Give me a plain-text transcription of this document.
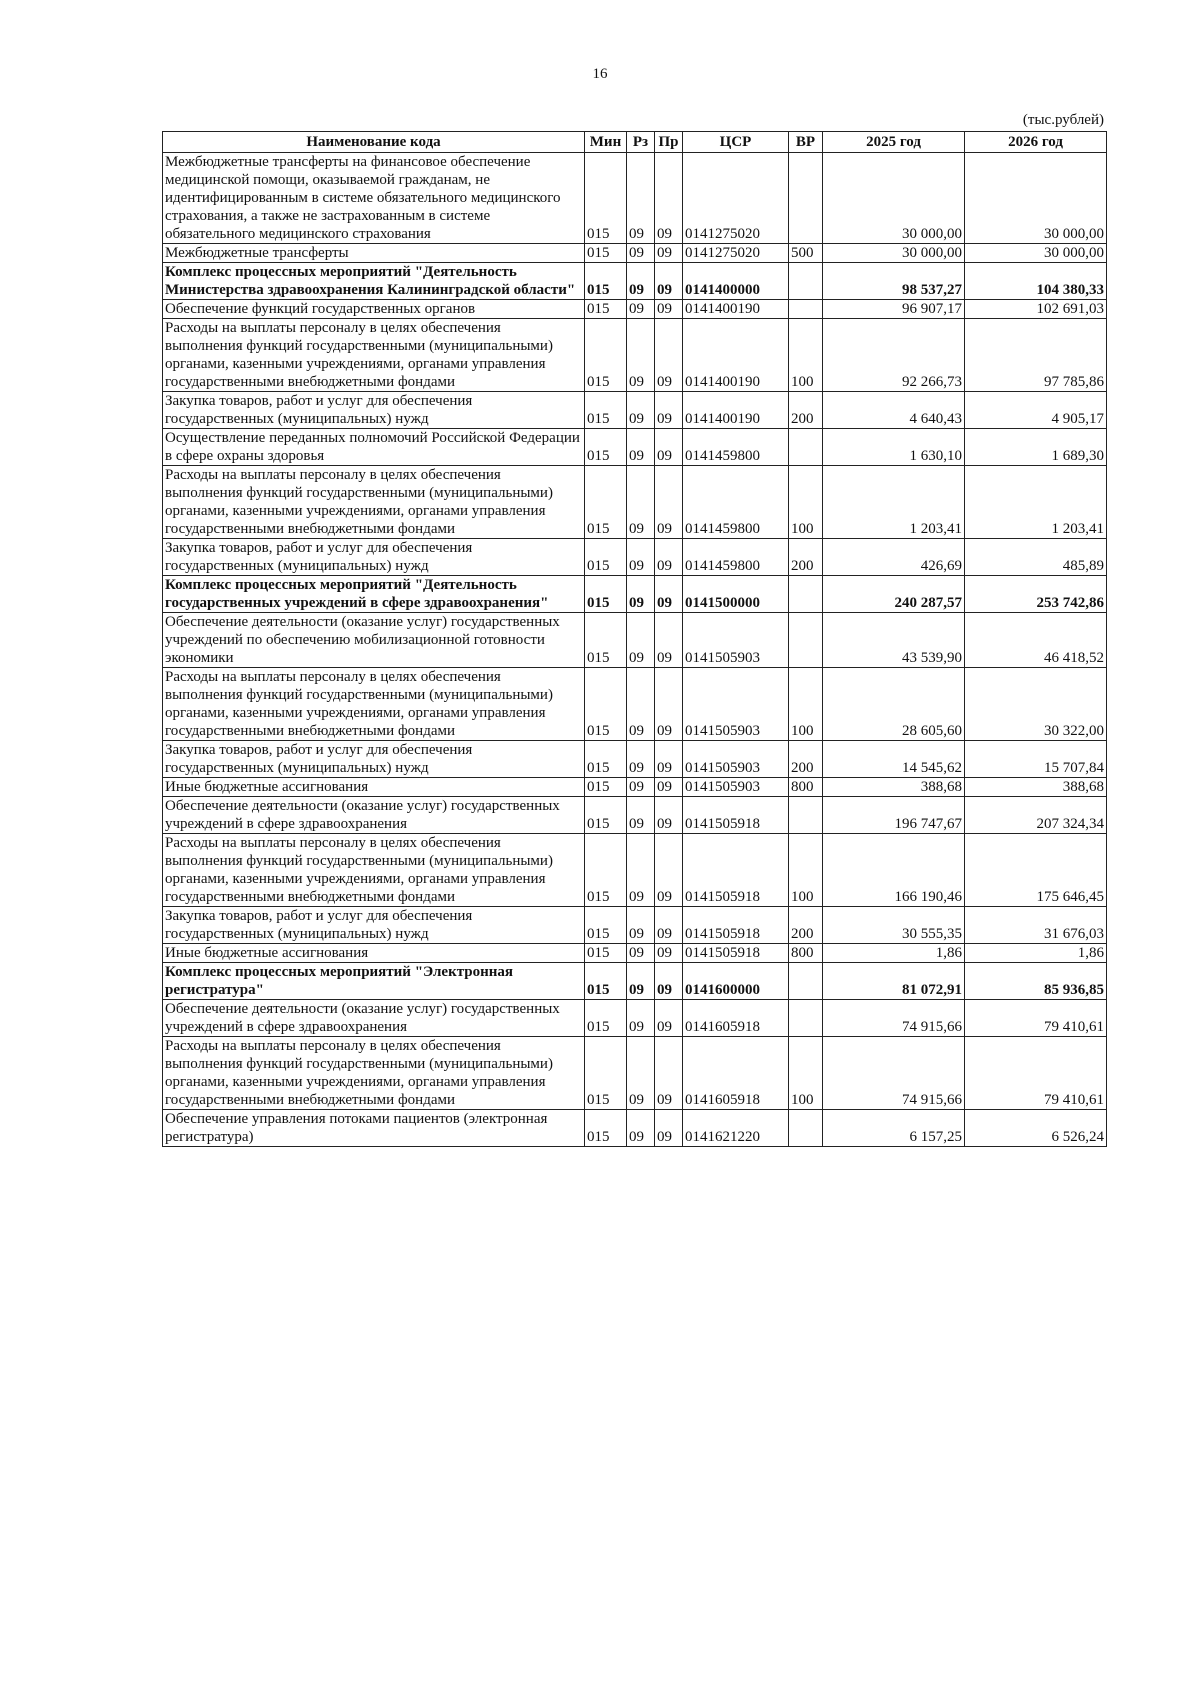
16
(тыс.рублей)
Наименование кода	Мин	Рз	Пр	ЦСР	ВР	2025 год	2026 год
Межбюджетные трансферты на финансовое обеспечение медицинской помощи, оказываемой гражданам, не идентифицированным в системе обязательного медицинского страхования, а также не застрахованным в системе обязательного медицинского страхования	015	09	09	0141275020		30 000,00	30 000,00
Межбюджетные трансферты	015	09	09	0141275020	500	30 000,00	30 000,00
Комплекс процессных мероприятий "Деятельность Министерства здравоохранения Калининградской области"	015	09	09	0141400000		98 537,27	104 380,33
Обеспечение функций государственных органов	015	09	09	0141400190		96 907,17	102 691,03
Расходы на выплаты персоналу в целях обеспечения выполнения функций государственными (муниципальными) органами, казенными учреждениями, органами управления государственными внебюджетными фондами	015	09	09	0141400190	100	92 266,73	97 785,86
Закупка товаров, работ и услуг для обеспечения государственных (муниципальных) нужд	015	09	09	0141400190	200	4 640,43	4 905,17
Осуществление переданных полномочий Российской Федерации в сфере охраны здоровья	015	09	09	0141459800		1 630,10	1 689,30
Расходы на выплаты персоналу в целях обеспечения выполнения функций государственными (муниципальными) органами, казенными учреждениями, органами управления государственными внебюджетными фондами	015	09	09	0141459800	100	1 203,41	1 203,41
Закупка товаров, работ и услуг для обеспечения государственных (муниципальных) нужд	015	09	09	0141459800	200	426,69	485,89
Комплекс процессных мероприятий "Деятельность государственных учреждений в сфере здравоохранения"	015	09	09	0141500000		240 287,57	253 742,86
Обеспечение деятельности (оказание услуг) государственных учреждений по обеспечению мобилизационной готовности экономики	015	09	09	0141505903		43 539,90	46 418,52
Расходы на выплаты персоналу в целях обеспечения выполнения функций государственными (муниципальными) органами, казенными учреждениями, органами управления государственными внебюджетными фондами	015	09	09	0141505903	100	28 605,60	30 322,00
Закупка товаров, работ и услуг для обеспечения государственных (муниципальных) нужд	015	09	09	0141505903	200	14 545,62	15 707,84
Иные бюджетные ассигнования	015	09	09	0141505903	800	388,68	388,68
Обеспечение деятельности (оказание услуг) государственных учреждений в сфере здравоохранения	015	09	09	0141505918		196 747,67	207 324,34
Расходы на выплаты персоналу в целях обеспечения выполнения функций государственными (муниципальными) органами, казенными учреждениями, органами управления государственными внебюджетными фондами	015	09	09	0141505918	100	166 190,46	175 646,45
Закупка товаров, работ и услуг для обеспечения государственных (муниципальных) нужд	015	09	09	0141505918	200	30 555,35	31 676,03
Иные бюджетные ассигнования	015	09	09	0141505918	800	1,86	1,86
Комплекс процессных мероприятий "Электронная регистратура"	015	09	09	0141600000		81 072,91	85 936,85
Обеспечение деятельности (оказание услуг) государственных учреждений в сфере здравоохранения	015	09	09	0141605918		74 915,66	79 410,61
Расходы на выплаты персоналу в целях обеспечения выполнения функций государственными (муниципальными) органами, казенными учреждениями, органами управления государственными внебюджетными фондами	015	09	09	0141605918	100	74 915,66	79 410,61
Обеспечение управления потоками пациентов (электронная регистратура)	015	09	09	0141621220		6 157,25	6 526,24
